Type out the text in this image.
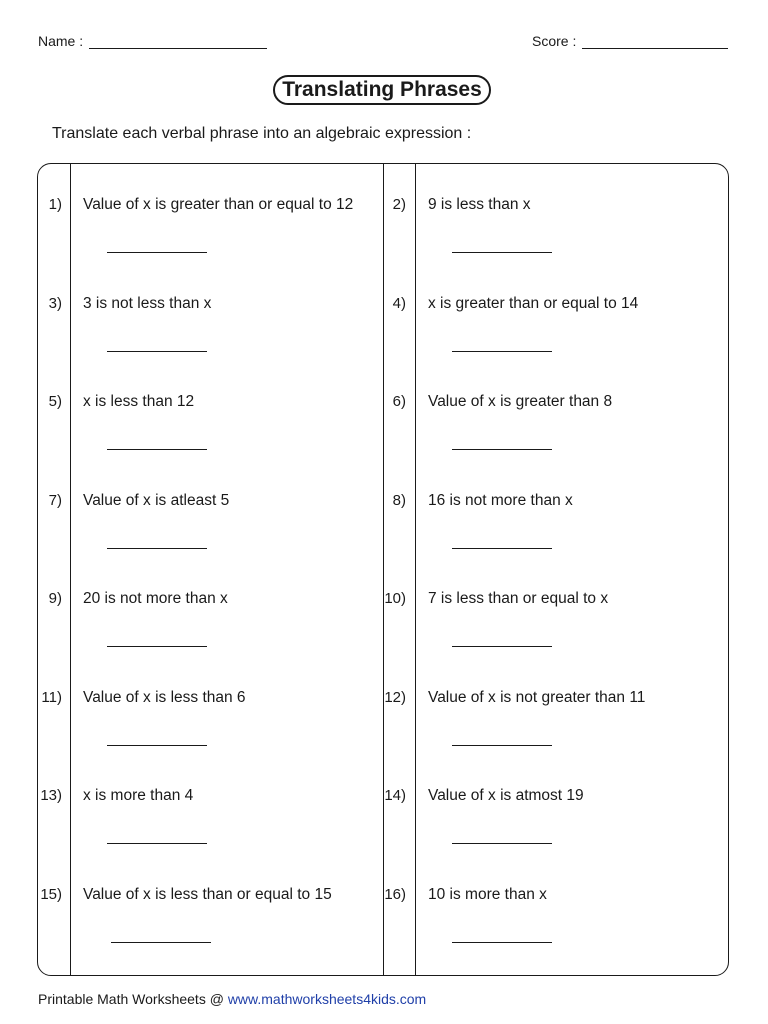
Name :	Score :
Translating Phrases
Translate each verbal phrase into an algebraic expression :
1) Value of x is greater than or equal to 12	2) 9 is less than x
3) 3 is not less than x	4) x is greater than or equal to 14
5) x is less than 12	6) Value of x is greater than 8
7) Value of x is atleast 5	8) 16 is not more than x
9) 20 is not more than x	10) 7 is less than or equal to x
11) Value of x is less than 6	12) Value of x is not greater than 11
13) x is more than 4	14) Value of x is atmost 19
15) Value of x is less than or equal to 15	16) 10 is more than x
Printable Math Worksheets @ www.mathworksheets4kids.com
